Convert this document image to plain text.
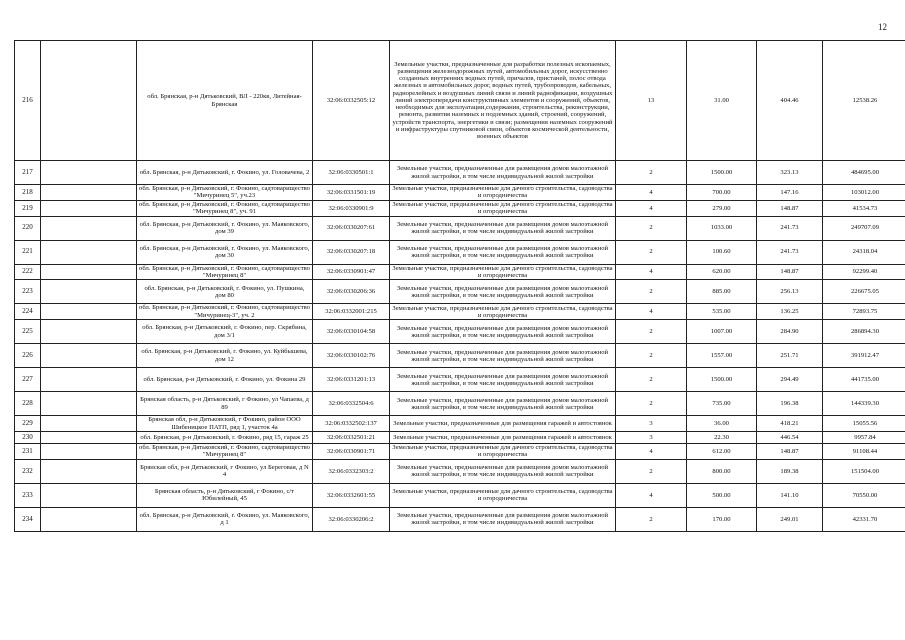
12
216		обл. Брянская, р-н Дятьковский, ВЛ - 220кв, Литейная-Брянская	32:06:0332505:12	Земельные участки, предназначенные для разработки полезных ископаемых, размещения железнодорожных путей, автомобильных дорог, искусственно созданных внутренних водных путей, причалов, пристаней, полос отвода железных и автомобильных дорог, водных путей, трубопроводов, кабельных, радиорелейных и воздушных линий связи и линий радиофикации, воздушных линий электропередачи конструктивных элементов и сооружений, объектов, необходимых для эксплуатации,содержания, строительства, реконструкции, ремонта, развития наземных и подземных зданий, строений, сооружений, устройств транспорта, энергетики и связи; размещения наземных сооружений и инфраструктуры спутниковой связи, объектов космической деятельности, военных объектов	13	31.00	404.46	12538.26
217		обл. Брянская, р-н Дятьковский, г. Фокино, ул. Головачева, 2	32:06:0330501:1	Земельные участки, предназначенные для размещения домов малоэтажной жилой застройки, в том числе индивидуальной жилой застройки	2	1500.00	323.13	484695.00
218		обл. Брянская, р-н Дятьковский, г. Фокино, садтоварищество "Мичуринец 5", уч.23	32:06:0331501:19	Земельные участки, предназначенные для дачного строительства, садоводства и огородничества	4	700.00	147.16	103012.00
219		обл. Брянская, р-н Дятьковский, г. Фокино, садтоварищество "Мичуринец 8", уч. 91	32:06:0330901:9	Земельные участки, предназначенные для дачного строительства, садоводства и огородничества	4	279.00	148.87	41534.73
220		обл. Брянская, р-н Дятьковский, г. Фокино, ул. Маяковского, дом 39	32:06:0330207:61	Земельные участки, предназначенные для размещения домов малоэтажной жилой застройки, в том числе индивидуальной жилой застройки	2	1033.00	241.73	249707.09
221		обл. Брянская, р-н Дятьковский, г. Фокино, ул. Маяковского, дом 30	32:06:0330207:18	Земельные участки, предназначенные для размещения домов малоэтажной жилой застройки, в том числе индивидуальной жилой застройки	2	100.60	241.73	24318.04
222		обл. Брянская, р-н Дятьковский, г. Фокино, садтоварищество "Мичуринец 8"	32:06:0330901:47	Земельные участки, предназначенные для дачного строительства, садоводства и огородничества	4	620.00	148.87	92299.40
223		обл. Брянская, р-н Дятьковский, г. Фокино, ул. Пушкина, дом 80	32:06:0330206:36	Земельные участки, предназначенные для размещения домов малоэтажной жилой застройки, в том числе индивидуальной жилой застройки	2	885.00	256.13	226675.05
224		обл. Брянская, р-н Дятьковский, г. Фокино, садтоварищество "Мичуринец-3", уч. 2	32:06:0332001:215	Земельные участки, предназначенные для дачного строительства, садоводства и огородничества	4	535.00	136.25	72893.75
225		обл. Брянская, р-н Дятьковский, г. Фокино, пер. Скрябина, дом 3/1	32:06:0330104:58	Земельные участки, предназначенные для размещения домов малоэтажной жилой застройки, в том числе индивидуальной жилой застройки	2	1007.00	284.90	286894.30
226		обл. Брянская, р-н Дятьковский, г. Фокино, ул. Куйбышева, дом 12	32:06:0330102:76	Земельные участки, предназначенные для размещения домов малоэтажной жилой застройки, в том числе индивидуальной жилой застройки	2	1557.00	251.71	391912.47
227		обл. Брянская, р-н Дятьковский, г. Фокино, ул. Фокина 29	32:06:0331201:13	Земельные участки, предназначенные для размещения домов малоэтажной жилой застройки, в том числе индивидуальной жилой застройки	2	1500.00	294.49	441735.00
228		Брянская область, р-н Дятьковский, г Фокино, ул Чапаева, д 89	32:06:0332504:6	Земельные участки, предназначенные для размещения домов малоэтажной жилой застройки, в том числе индивидуальной жилой застройки	2	735.00	196.38	144339.30
229		Брянская обл, р-н Дятьковский, г Фокино, район ООО Шибеницкое ПАТП, ряд 1, участок 4а	32:06:0332502:137	Земельные участки, предназначенные для размещения гаражей и автостоянок	3	36.00	418.21	15055.56
230		обл. Брянская, р-н Дятьковский, г. Фокино, ряд 15, гараж 25	32:06:0332501:21	Земельные участки, предназначенные для размещения гаражей и автостоянок	3	22.30	446.54	9957.84
231		обл. Брянская, р-н Дятьковский, г. Фокино, садтоварищество "Мичуринец 8"	32:06:0330901:71	Земельные участки, предназначенные для дачного строительства, садоводства и огородничества	4	612.00	148.87	91108.44
232		Брянская обл, р-н Дятьковский, г Фокино, ул Береговая, д N 4	32:06:0332303:2	Земельные участки, предназначенные для размещения домов малоэтажной жилой застройки, в том числе индивидуальной жилой застройки	2	800.00	189.38	151504.00
233		Брянская область, р-н Дятьковский, г Фокино, с/т Юбилейный, 45	32:06:0332601:55	Земельные участки, предназначенные для дачного строительства, садоводства и огородничества	4	500.00	141.10	70550.00
234		обл. Брянская, р-н Дятьковский, г. Фокино, ул. Маяковского, д 1	32:06:0330206:2	Земельные участки, предназначенные для размещения домов малоэтажной жилой застройки, в том числе индивидуальной жилой застройки	2	170.00	249.01	42331.70
